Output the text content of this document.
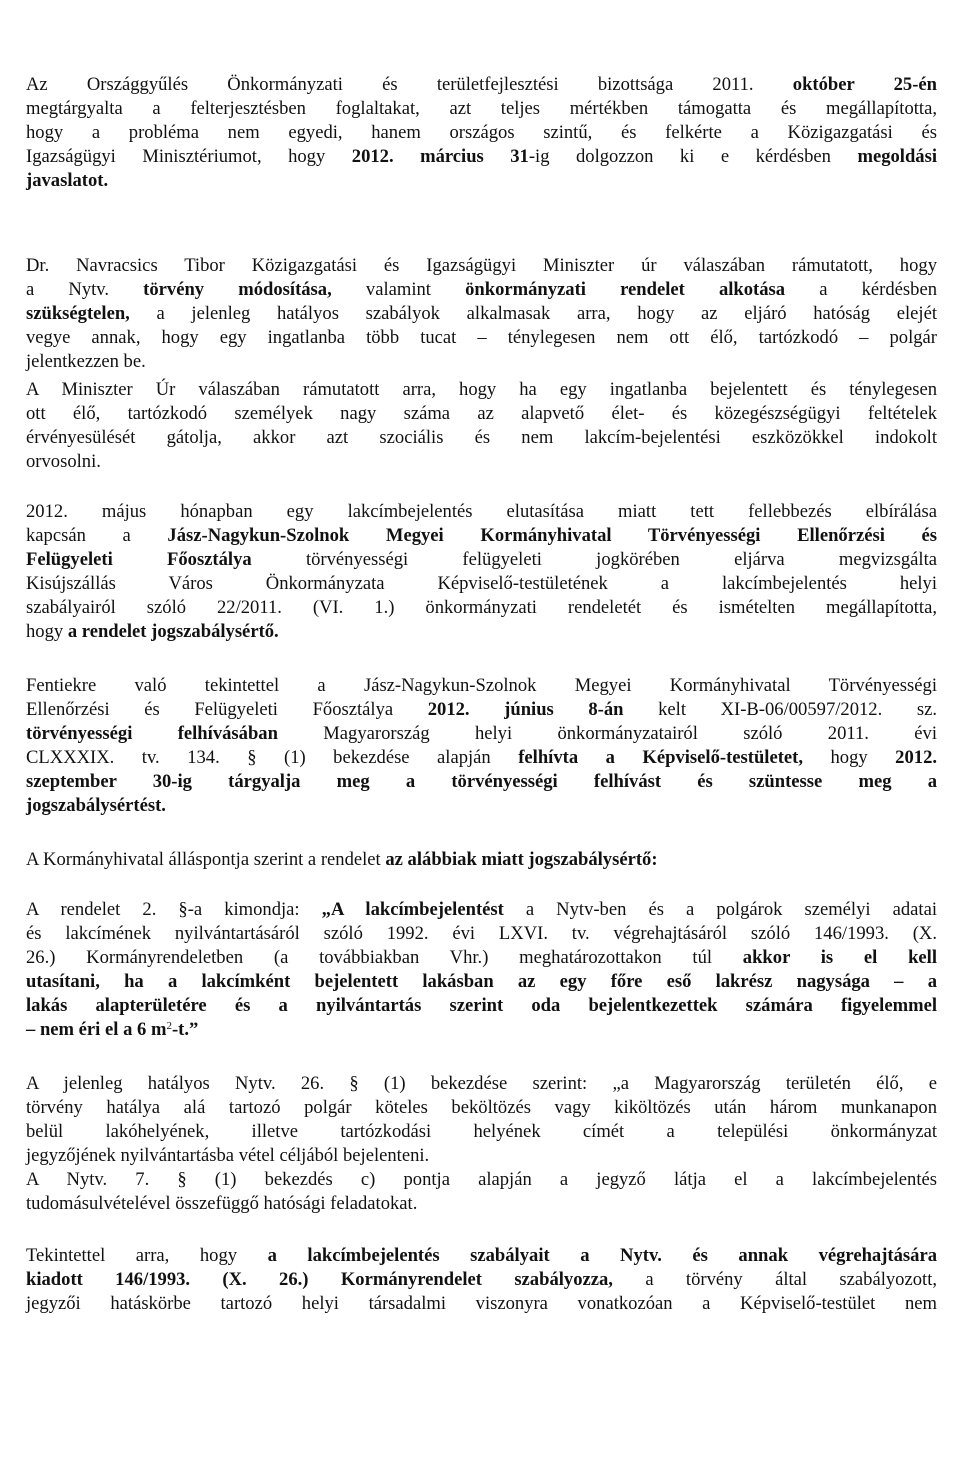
Az Országgyűlés Önkormányzati és területfejlesztési bizottsága 2011. október 25-én
megtárgyalta a felterjesztésben foglaltakat, azt teljes mértékben támogatta és megállapította,
hogy a probléma nem egyedi, hanem országos szintű, és felkérte a Közigazgatási és
Igazságügyi Minisztériumot, hogy 2012. március 31-ig dolgozzon ki e kérdésben megoldási
javaslatot.
Dr. Navracsics Tibor Közigazgatási és Igazságügyi Miniszter úr válaszában rámutatott, hogy
a Nytv. törvény módosítása, valamint önkormányzati rendelet alkotása a kérdésben
szükségtelen, a jelenleg hatályos szabályok alkalmasak arra, hogy az eljáró hatóság elejét
vegye annak, hogy egy ingatlanba több tucat – ténylegesen nem ott élő, tartózkodó – polgár
jelentkezzen be.
A Miniszter Úr válaszában rámutatott arra, hogy ha egy ingatlanba bejelentett és ténylegesen
ott élő, tartózkodó személyek nagy száma az alapvető élet- és közegészségügyi feltételek
érvényesülését gátolja, akkor azt szociális és nem lakcím-bejelentési eszközökkel indokolt
orvosolni.
2012. május hónapban egy lakcímbejelentés elutasítása miatt tett fellebbezés elbírálása
kapcsán a Jász-Nagykun-Szolnok Megyei Kormányhivatal Törvényességi Ellenőrzési és
Felügyeleti Főosztálya törvényességi felügyeleti jogkörében eljárva megvizsgálta
Kisújszállás Város Önkormányzata Képviselő-testületének a lakcímbejelentés helyi
szabályairól szóló 22/2011. (VI. 1.) önkormányzati rendeletét és ismételten megállapította,
hogy a rendelet jogszabálysértő.
Fentiekre való tekintettel a Jász-Nagykun-Szolnok Megyei Kormányhivatal Törvényességi
Ellenőrzési és Felügyeleti Főosztálya 2012. június 8-án kelt XI-B-06/00597/2012. sz.
törvényességi felhívásában Magyarország helyi önkormányzatairól szóló 2011. évi
CLXXXIX. tv. 134. § (1) bekezdése alapján felhívta a Képviselő-testületet, hogy 2012.
szeptember 30-ig tárgyalja meg a törvényességi felhívást és szüntesse meg a
jogszabálysértést.
A Kormányhivatal álláspontja szerint a rendelet az alábbiak miatt jogszabálysértő:
A rendelet 2. §-a kimondja: „A lakcímbejelentést a Nytv-ben és a polgárok személyi adatai
és lakcímének nyilvántartásáról szóló 1992. évi LXVI. tv. végrehajtásáról szóló 146/1993. (X.
26.) Kormányrendeletben (a továbbiakban Vhr.) meghatározottakon túl akkor is el kell
utasítani, ha a lakcímként bejelentett lakásban az egy főre eső lakrész nagysága – a
lakás alapterületére és a nyilvántartás szerint oda bejelentkezettek számára figyelemmel
– nem éri el a 6 $m^2-t$.”
A jelenleg hatályos Nytv. 26. § (1) bekezdése szerint: „a Magyarország területén élő, e
törvény hatálya alá tartozó polgár köteles beköltözés vagy kiköltözés után három munkanapon
belül lakóhelyének, illetve tartózkodási helyének címét a települési önkormányzat
jegyzőjének nyilvántartásba vétel céljából bejelenteni.
A Nytv. 7. § (1) bekezdés c) pontja alapján a jegyző látja el a lakcímbejelentés
tudomásulvételével összefüggő hatósági feladatokat.
Tekintettel arra, hogy a lakcímbejelentés szabályait a Nytv. és annak végrehajtására
kiadott 146/1993. (X. 26.) Kormányrendelet szabályozza, a törvény által szabályozott,
jegyzői hatáskörbe tartozó helyi társadalmi viszonyra vonatkozóan a Képviselő-testület nem
